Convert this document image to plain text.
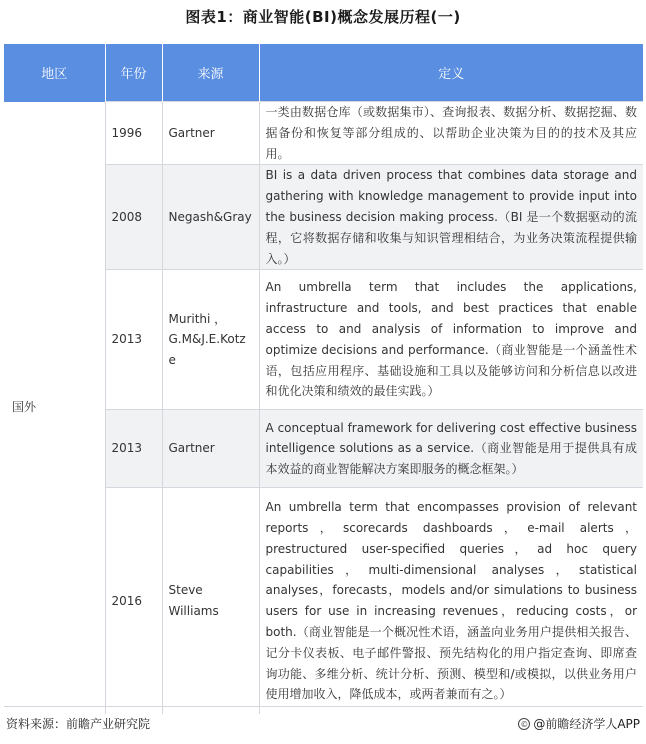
图表1：商业智能(BI)概念发展历程(一)
地区	年份	来源	定义
国外	1996	Gartner	一类由数据仓库（或数据集市）、查询报表、数据分析、数据挖掘、数据备份和恢复等部分组成的、以帮助企业决策为目的的技术及其应用。

	2008	Negash&Gray	BI is a data driven process that combines data storage and gathering with knowledge management to provide input into the business decision making process.（BI 是一个数据驱动的流程，它将数据存储和收集与知识管理相结合，为业务决策流程提供输入。）

	2013	Murithi ， G.M&J.E.Kotze	An umbrella term that includes the applications, infrastructure and tools, and best practices that enable access to and analysis of information to improve and optimize decisions and performance.（商业智能是一个涵盖性术语，包括应用程序、基础设施和工具以及能够访问和分析信息以改进和优化决策和绩效的最佳实践。）

	2013	Gartner	A conceptual framework for delivering cost effective business intelligence solutions as a service.（商业智能是用于提供具有成本效益的商业智能解决方案即服务的概念框架。）

	2016	Steve Williams	An umbrella term that encompasses provision of relevant reports，scorecards dashboards，e-mail alerts，prestructured user-specified queries，ad hoc query capabilities，multi-dimensional analyses，statistical analyses，forecasts，models and/or simulations to business users for use in increasing revenues，reducing costs，or both.（商业智能是一个概况性术语，涵盖向业务用户提供相关报告、记分卡仪表板、电子邮件警报、预先结构化的用户指定查询、即席查询功能、多维分析、统计分析、预测、模型和/或模拟，以供业务用户使用增加收入，降低成本，或两者兼而有之。）
资料来源：前瞻产业研究院	© @前瞻经济学人APP
